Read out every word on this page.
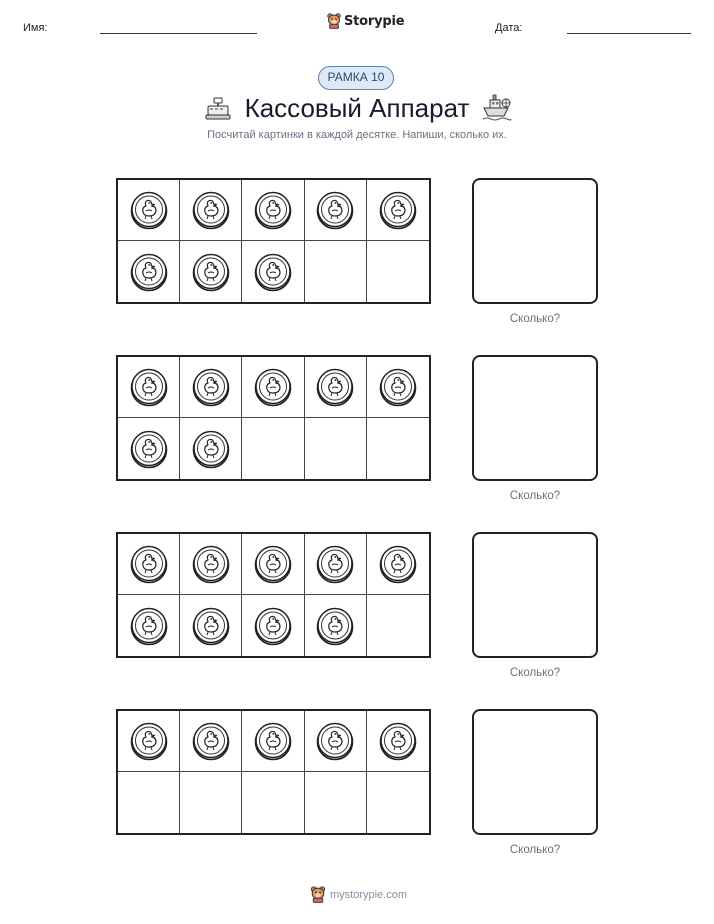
Имя:	Storypie	Дата:
РАМКА 10
Кассовый Аппарат
Посчитай картинки в каждой десятке. Напиши, сколько их.
Сколько?
Сколько?
Сколько?
Сколько?
mystorypie.com
